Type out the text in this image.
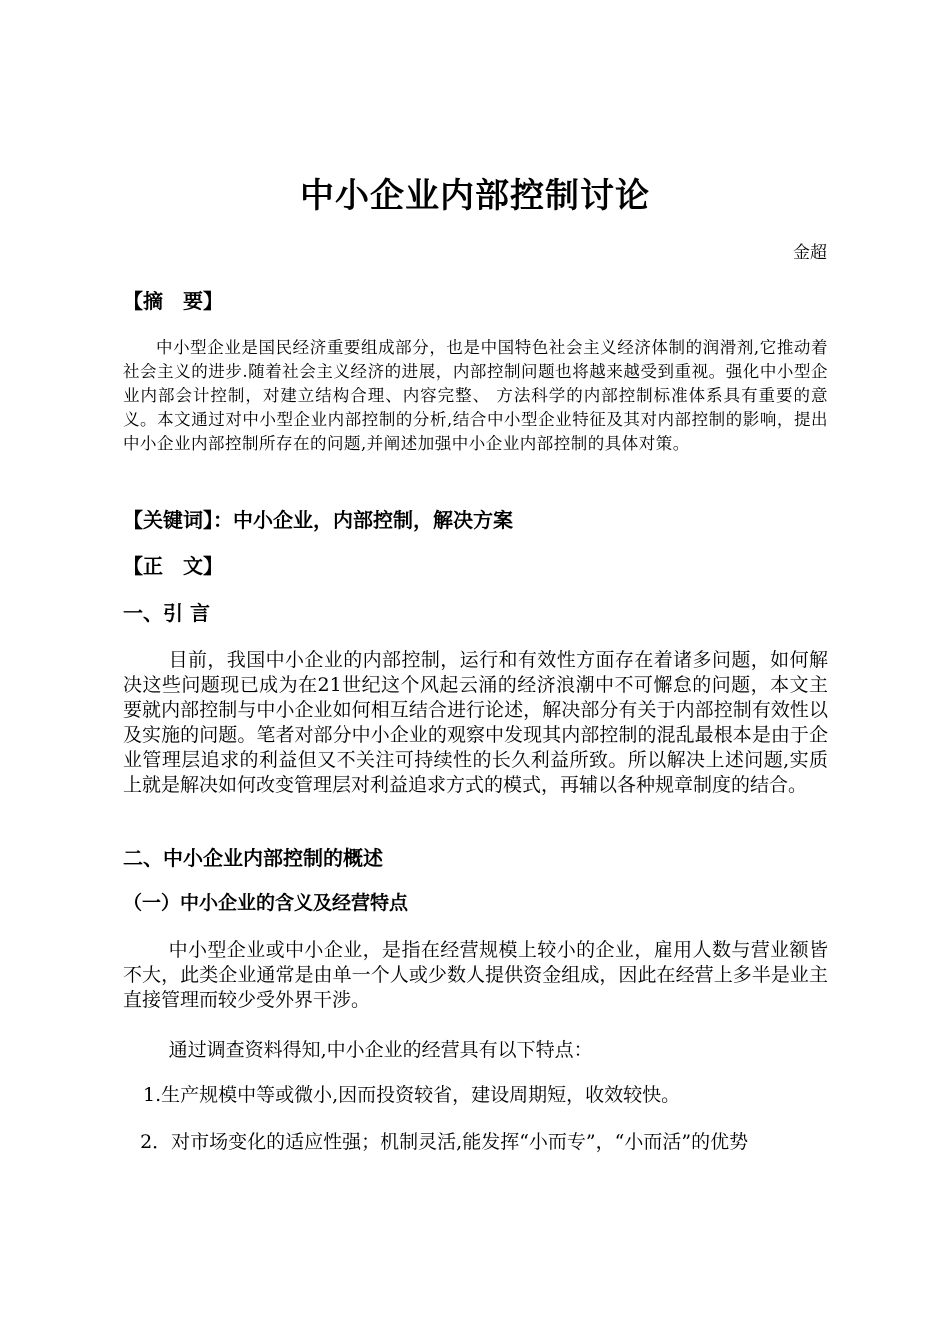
中小企业内部控制讨论
金超
【摘　要】

中小型企业是国民经济重要组成部分，也是中国特色社会主义经济体制的润滑剂,它推动着社会主义的进步.随着社会主义经济的进展，内部控制问题也将越来越受到重视。强化中小型企业内部会计控制，对建立结构合理、内容完整、 方法科学的内部控制标准体系具有重要的意义。本文通过对中小型企业内部控制的分析,结合中小型企业特征及其对内部控制的影响，提出中小企业内部控制所存在的问题,并阐述加强中小企业内部控制的具体对策。

【关键词】：中小企业，内部控制，解决方案
【正　文】
一、引 言

目前，我国中小企业的内部控制，运行和有效性方面存在着诸多问题，如何解决这些问题现已成为在21世纪这个风起云涌的经济浪潮中不可懈怠的问题，本文主要就内部控制与中小企业如何相互结合进行论述，解决部分有关于内部控制有效性以及实施的问题。笔者对部分中小企业的观察中发现其内部控制的混乱最根本是由于企业管理层追求的利益但又不关注可持续性的长久利益所致。所以解决上述问题,实质上就是解决如何改变管理层对利益追求方式的模式，再辅以各种规章制度的结合。

二、中小企业内部控制的概述
（一）中小企业的含义及经营特点

中小型企业或中小企业，是指在经营规模上较小的企业，雇用人数与营业额皆不大，此类企业通常是由单一个人或少数人提供资金组成，因此在经营上多半是业主直接管理而较少受外界干涉。

通过调查资料得知,中小企业的经营具有以下特点：

1.生产规模中等或微小,因而投资较省，建设周期短，收效较快。

2．对市场变化的适应性强；机制灵活,能发挥“小而专”，“小而活”的优势
